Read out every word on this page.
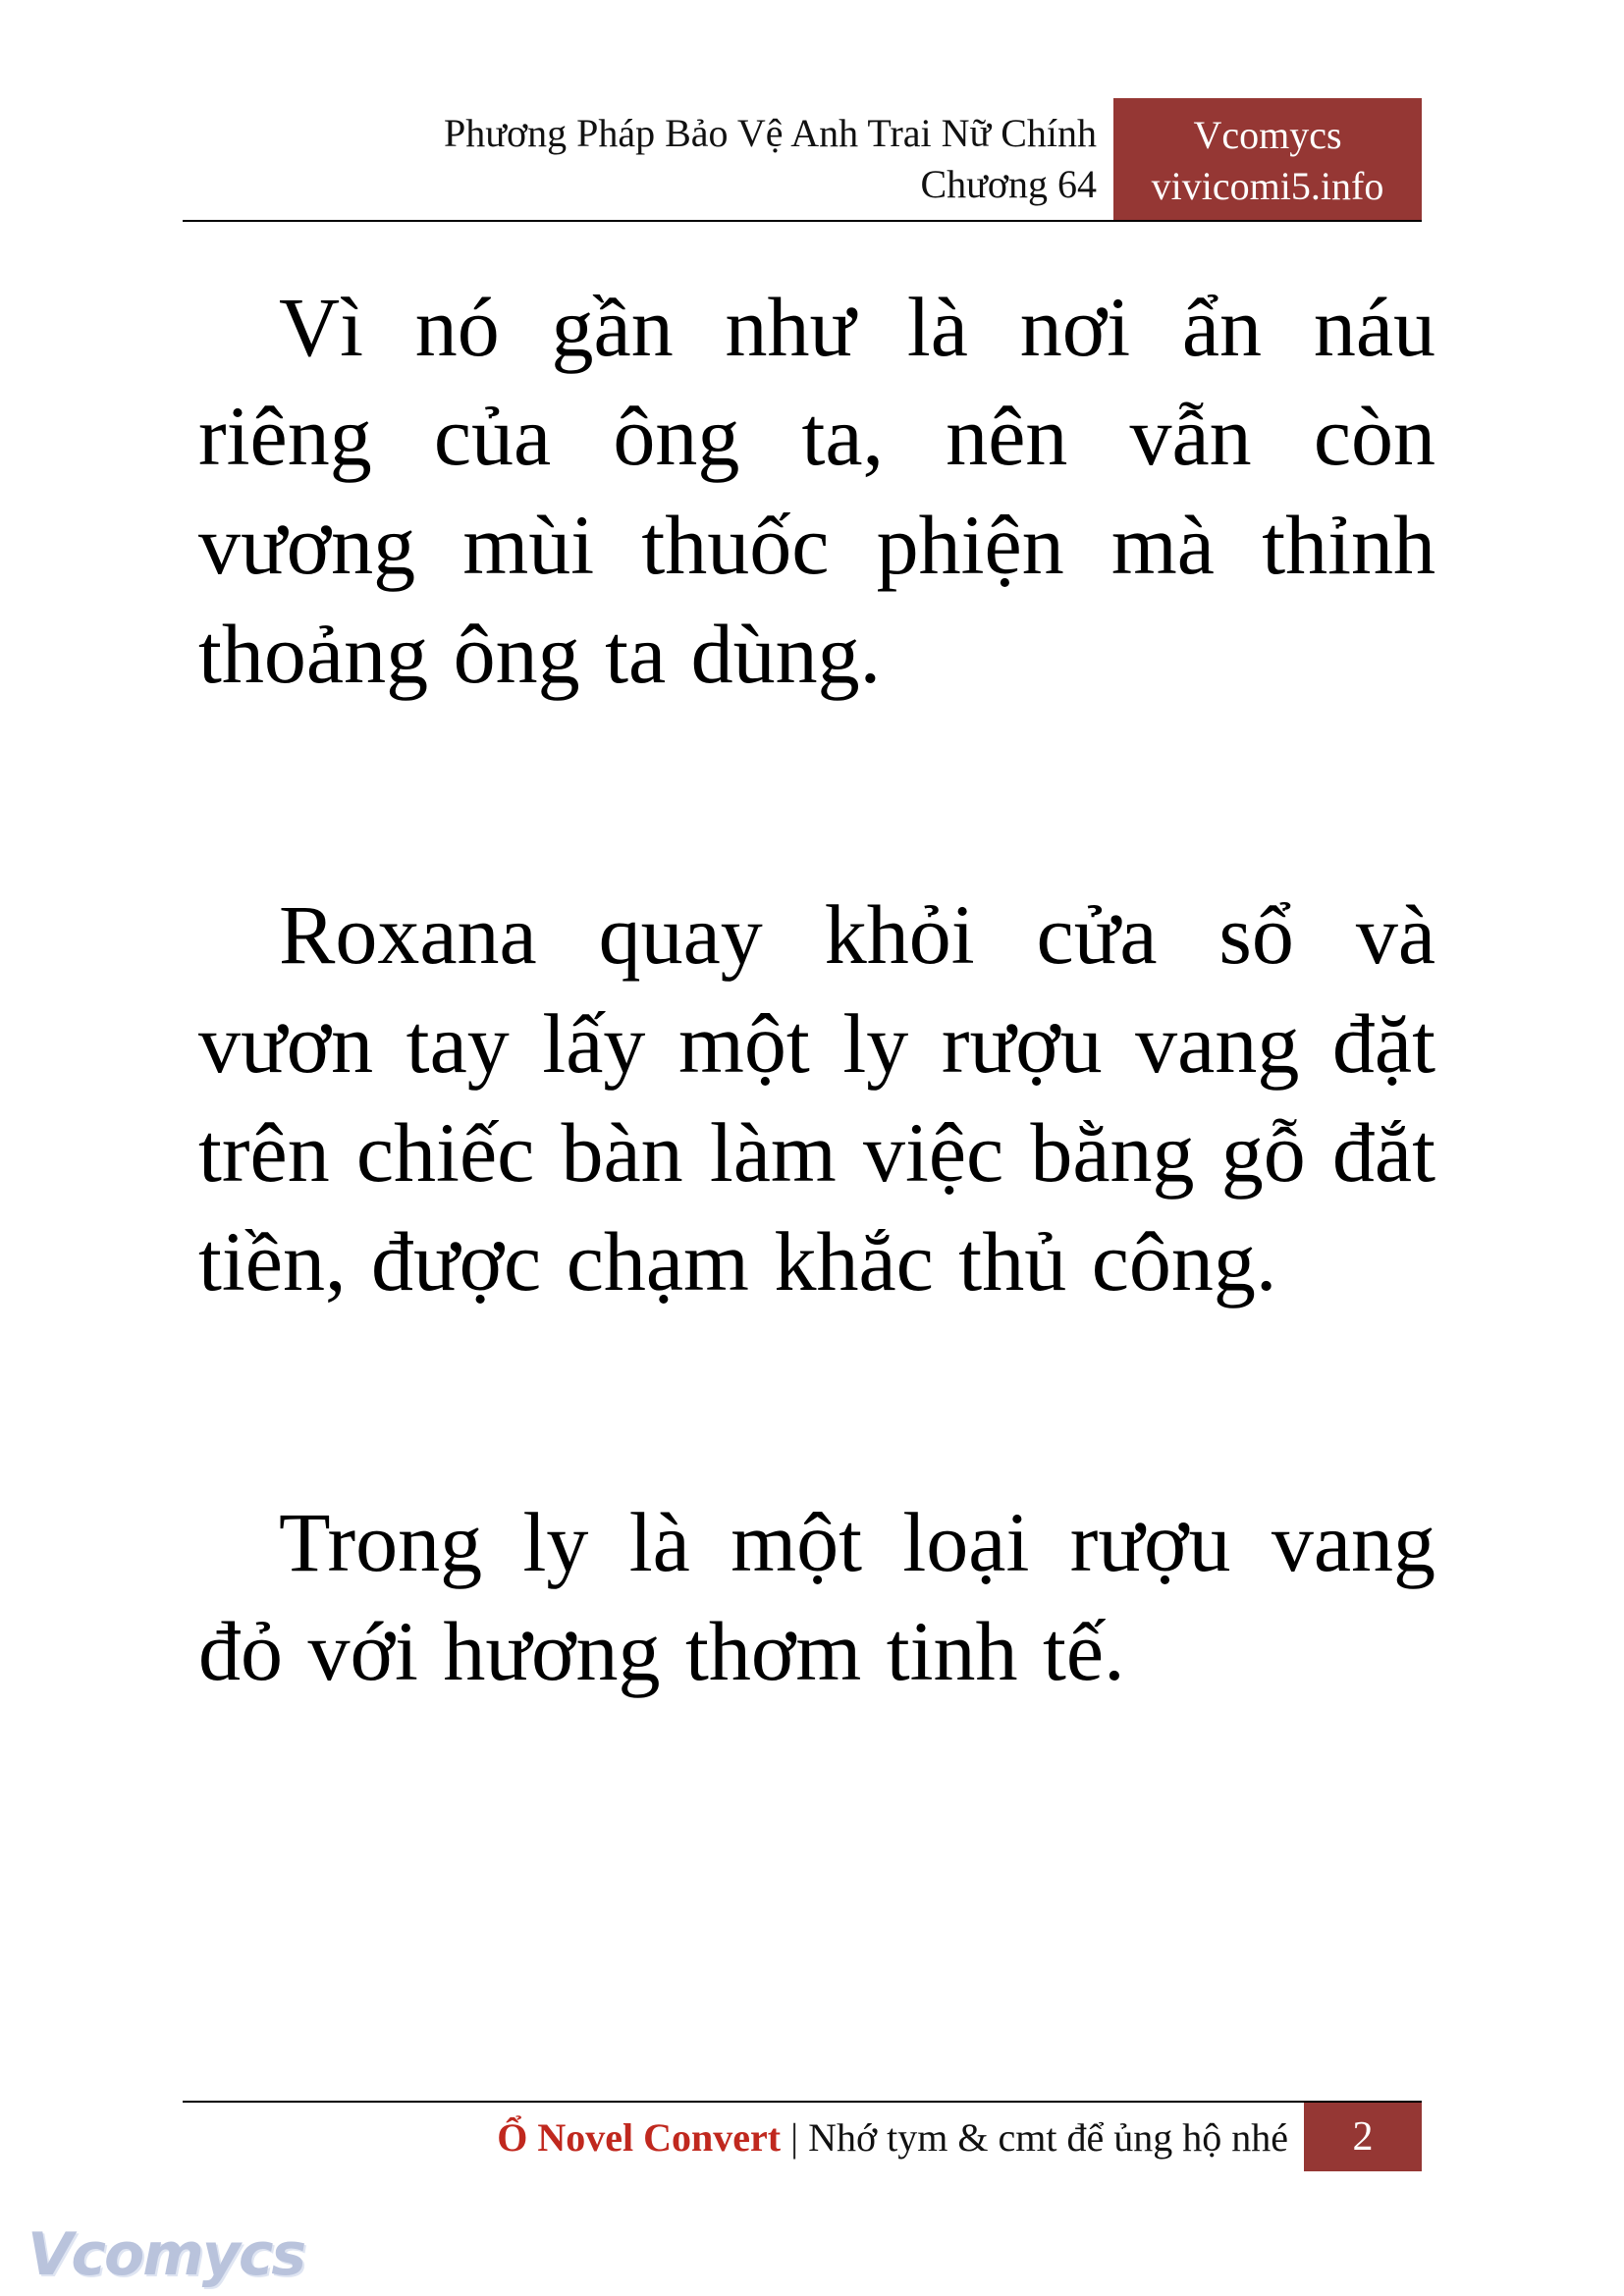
Phương Pháp Bảo Vệ Anh Trai Nữ Chính
Chương 64
Vcomycs
vivicomi5.info

Vì nó gần như là nơi ẩn náu riêng của ông ta, nên vẫn còn vương mùi thuốc phiện mà thỉnh thoảng ông ta dùng.

Roxana quay khỏi cửa sổ và vươn tay lấy một ly rượu vang đặt trên chiếc bàn làm việc bằng gỗ đắt tiền, được chạm khắc thủ công.

Trong ly là một loại rượu vang đỏ với hương thơm tinh tế.

Ổ Novel Convert | Nhớ tym & cmt để ủng hộ nhé	2
Vcomycs
